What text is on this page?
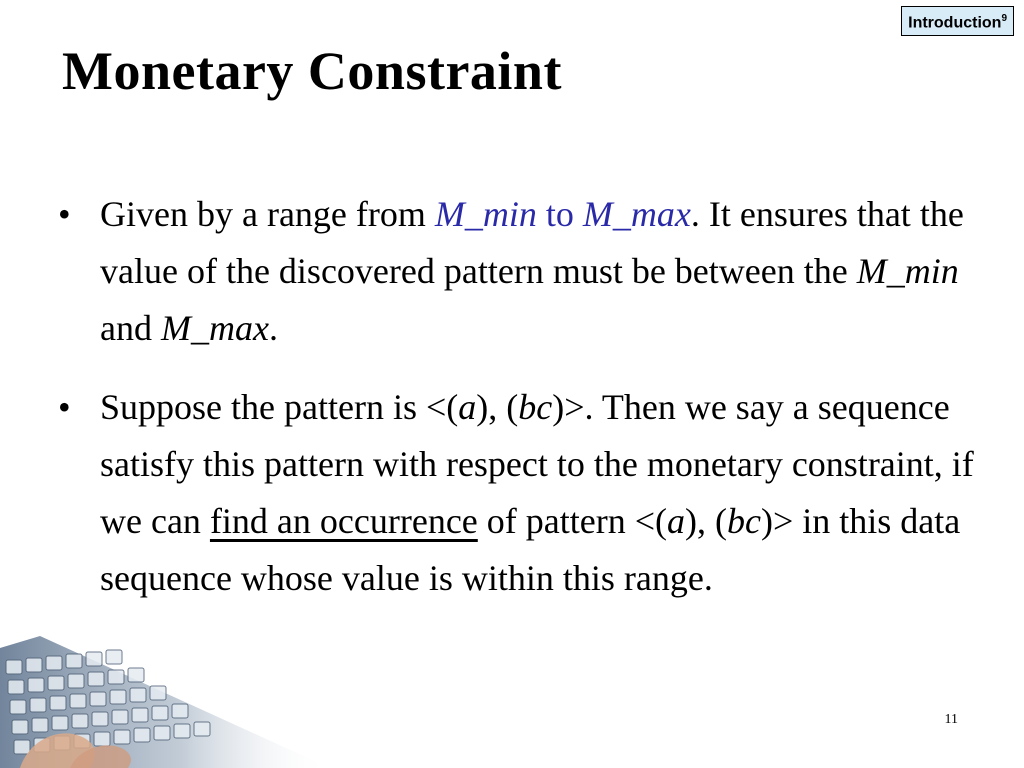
Introduction$^9$
Monetary Constraint
• Given by a range from M_min to M_max. It ensures that the value of the discovered pattern must be between the M_min and M_max.
• Suppose the pattern is <(a), (bc)>. Then we say a sequence satisfy this pattern with respect to the monetary constraint, if we can find an occurrence of pattern <(a), (bc)> in this data sequence whose value is within this range.
11
